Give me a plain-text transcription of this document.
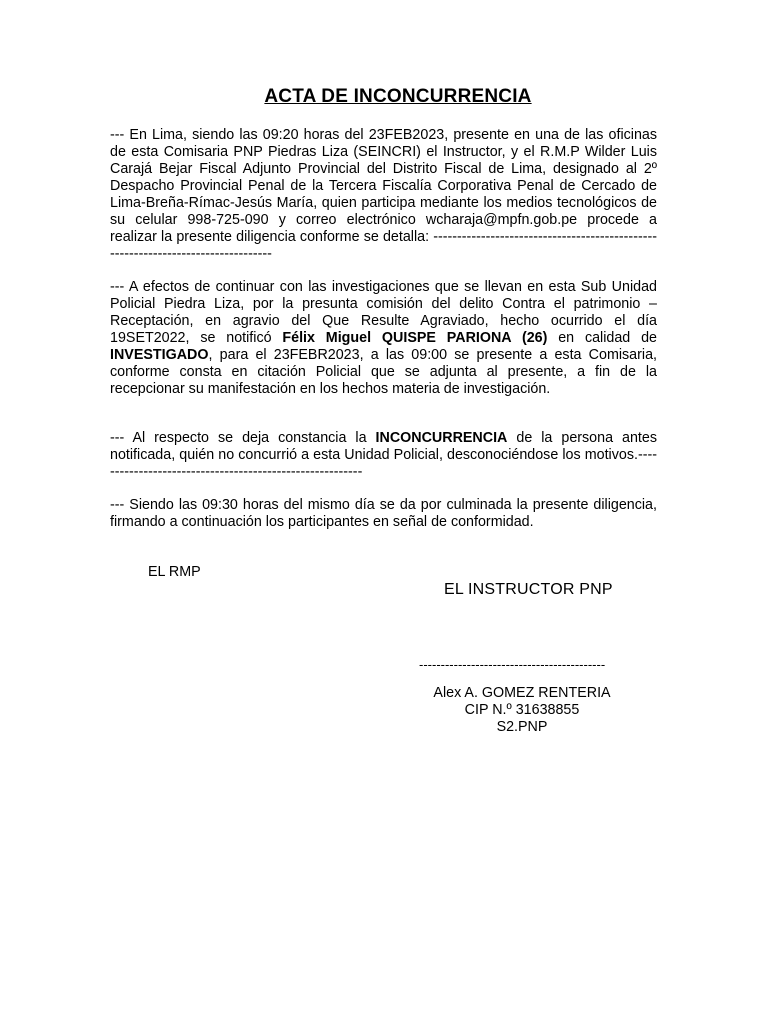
ACTA DE INCONCURRENCIA

--- En Lima, siendo las 09:20 horas del 23FEB2023, presente en una de las oficinas de esta Comisaria PNP Piedras Liza (SEINCRI) el Instructor, y el R.M.P Wilder Luis Carajá Bejar Fiscal Adjunto Provincial del Distrito Fiscal de Lima, designado al 2º Despacho Provincial Penal de la Tercera Fiscalía Corporativa Penal de Cercado de Lima-Breña-Rímac-Jesús María, quien participa mediante los medios tecnológicos de su celular 998-725-090 y correo electrónico wcharaja@mpfn.gob.pe procede a realizar la presente diligencia conforme se detalla: ---------------------------------------------------------------------------------

--- A efectos de continuar con las investigaciones que se llevan en esta Sub Unidad Policial Piedra Liza, por la presunta comisión del delito Contra el patrimonio – Receptación, en agravio del Que Resulte Agraviado, hecho ocurrido el día 19SET2022, se notificó Félix Miguel QUISPE PARIONA (26) en calidad de INVESTIGADO, para el 23FEBR2023, a las 09:00 se presente a esta Comisaria, conforme consta en citación Policial que se adjunta al presente, a fin de la recepcionar su manifestación en los hechos materia de investigación.

--- Al respecto se deja constancia la INCONCURRENCIA de la persona antes notificada, quién no concurrió a esta Unidad Policial, desconociéndose los motivos.---------------------------------------------------------

--- Siendo las 09:30 horas del mismo día se da por culminada la presente diligencia, firmando a continuación los participantes en señal de conformidad.

EL RMP
EL INSTRUCTOR PNP
-------------------------------------------
Alex A. GOMEZ RENTERIA
CIP N.º 31638855
S2.PNP
